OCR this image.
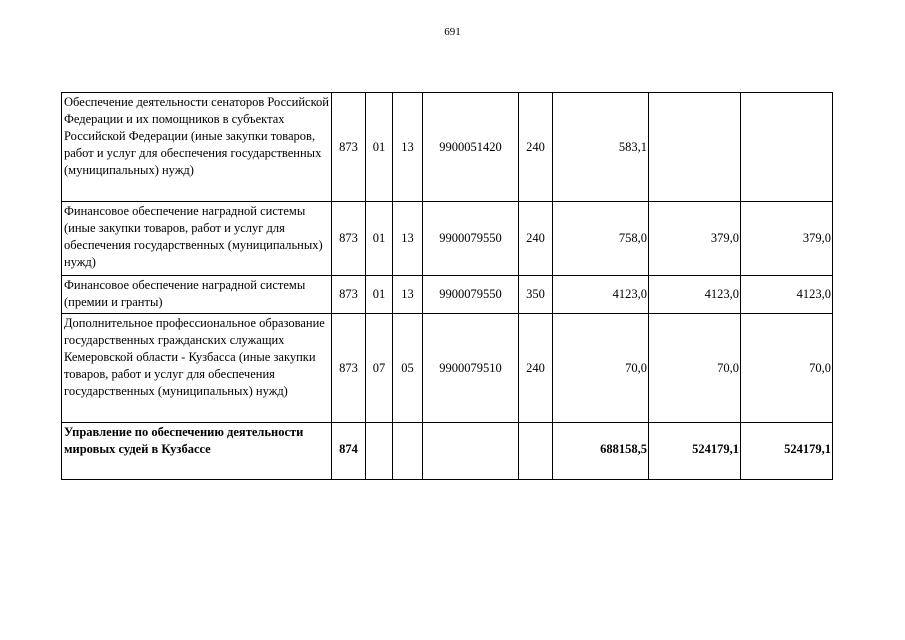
691
Обеспечение деятельности сенаторов Российской Федерации и их помощников в субъектах Российской Федерации (иные закупки товаров, работ и услуг для обеспечения государственных (муниципальных) нужд)	873	01	13	9900051420	240	583,1		
Финансовое обеспечение наградной системы (иные закупки товаров, работ и услуг для обеспечения государственных (муниципальных) нужд)	873	01	13	9900079550	240	758,0	379,0	379,0
Финансовое обеспечение наградной системы (премии и гранты)	873	01	13	9900079550	350	4123,0	4123,0	4123,0
Дополнительное профессиональное образование государственных гражданских служащих Кемеровской области - Кузбасса (иные закупки товаров, работ и услуг для обеспечения государственных (муниципальных) нужд)	873	07	05	9900079510	240	70,0	70,0	70,0
Управление по обеспечению деятельности мировых судей в Кузбассе	874					688158,5	524179,1	524179,1
